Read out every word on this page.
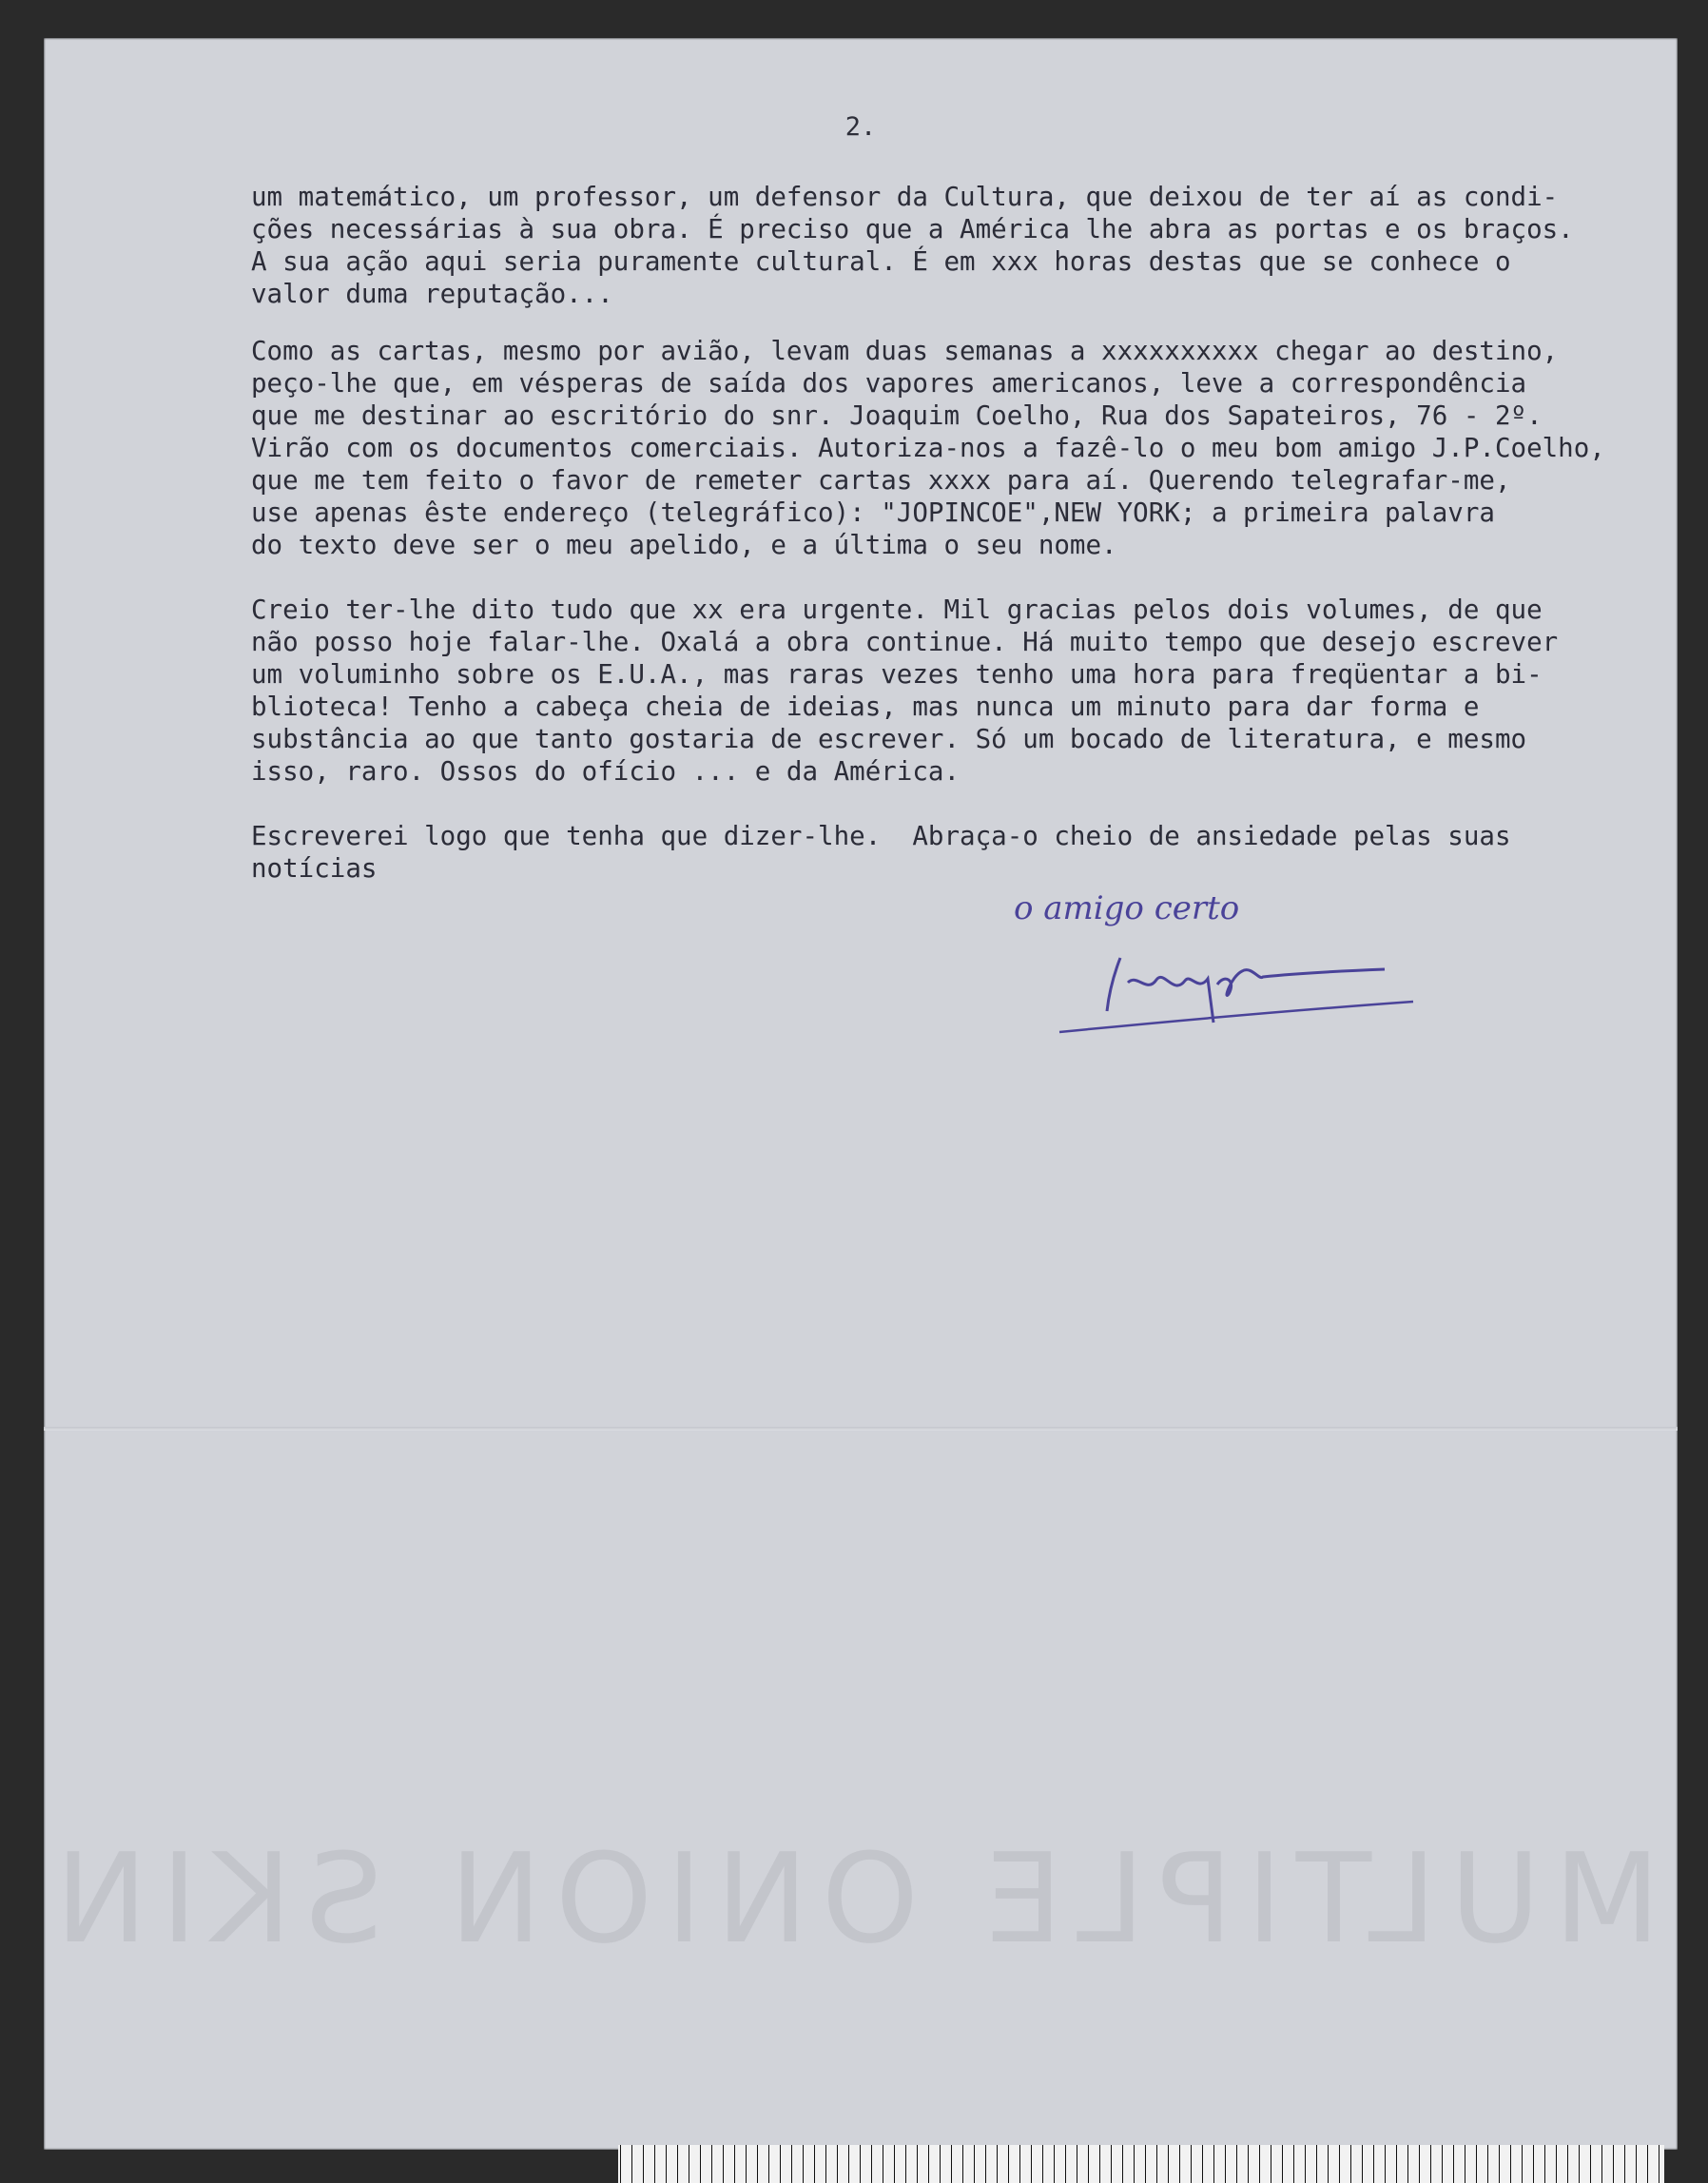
MULTIPLE ONION SKIN
2.

um matemático, um professor, um defensor da Cultura, que deixou de ter aí as condi-
ções necessárias à sua obra. É preciso que a América lhe abra as portas e os braços.
A sua ação aqui seria puramente cultural. É em xxx horas destas que se conhece o
valor duma reputação...

Como as cartas, mesmo por avião, levam duas semanas a xxxxxxxxxx chegar ao destino,
peço-lhe que, em vésperas de saída dos vapores americanos, leve a correspondência
que me destinar ao escritório do snr. Joaquim Coelho, Rua dos Sapateiros, 76 - 2º.
Virão com os documentos comerciais. Autoriza-nos a fazê-lo o meu bom amigo J.P.Coelho,
que me tem feito o favor de remeter cartas xxxx para aí. Querendo telegrafar-me,
use apenas êste endereço (telegráfico): "JOPINCOE",NEW YORK; a primeira palavra
do texto deve ser o meu apelido, e a última o seu nome.

Creio ter-lhe dito tudo que xx era urgente. Mil gracias pelos dois volumes, de que
não posso hoje falar-lhe. Oxalá a obra continue. Há muito tempo que desejo escrever
um voluminho sobre os E.U.A., mas raras vezes tenho uma hora para freqüentar a bi-
blioteca! Tenho a cabeça cheia de ideias, mas nunca um minuto para dar forma e
substância ao que tanto gostaria de escrever. Só um bocado de literatura, e mesmo
isso, raro. Ossos do ofício ... e da América.

Escreverei logo que tenha que dizer-lhe.  Abraça-o cheio de ansiedade pelas suas
notícias

o amigo certo
